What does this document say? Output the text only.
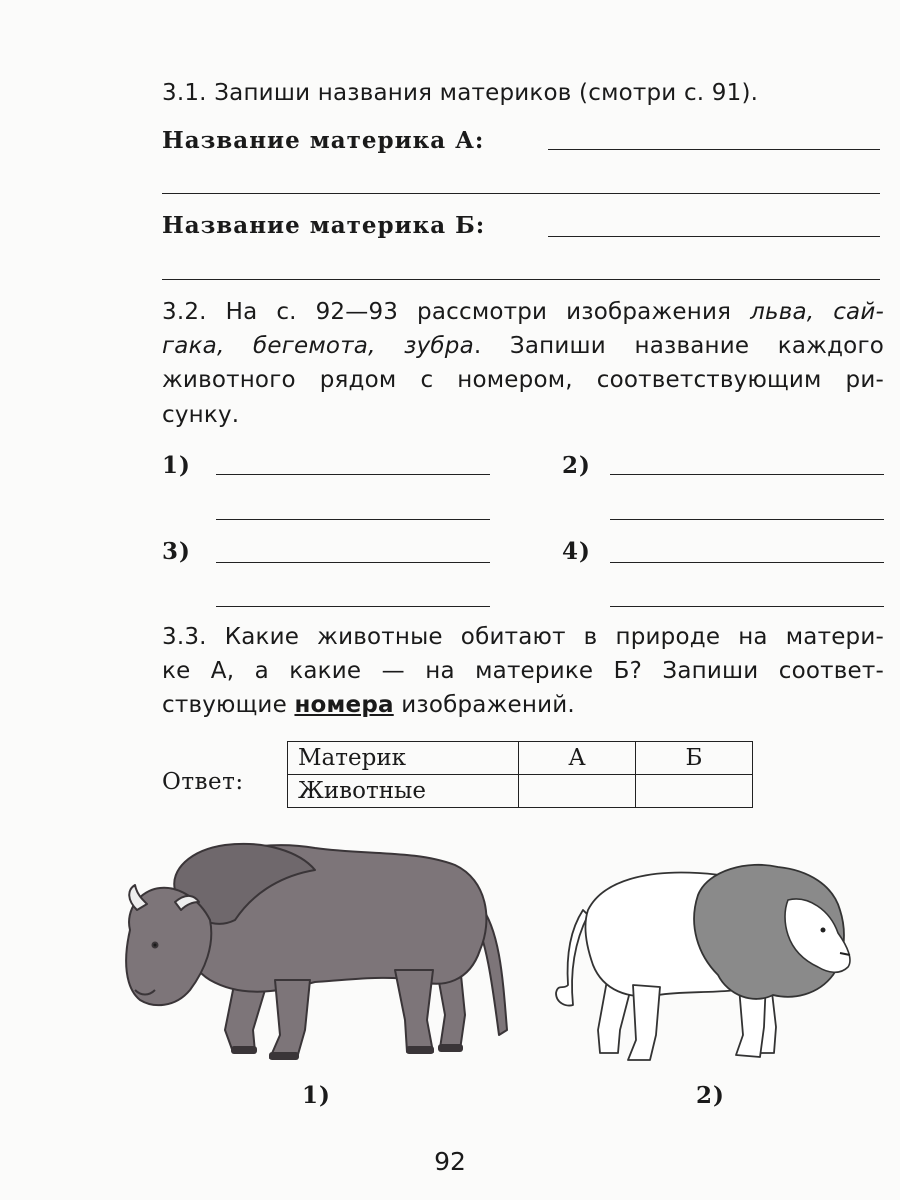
3.1. Запиши названия материков (смотри с. 91).
Название материка А:
Название материка Б:
3.2. На с. 92—93 рассмотри изображения льва, сай-
гака, бегемота, зубра. Запиши название каждого
животного рядом с номером, соответствующим ри-
сунку.
1)	2)
3)	4)
3.3. Какие животные обитают в природе на матери-
ке А, а какие — на материке Б? Запиши соответ-
ствующие номера изображений.
Ответ:
Материк	А	Б
Животные		
1)	2)
92
